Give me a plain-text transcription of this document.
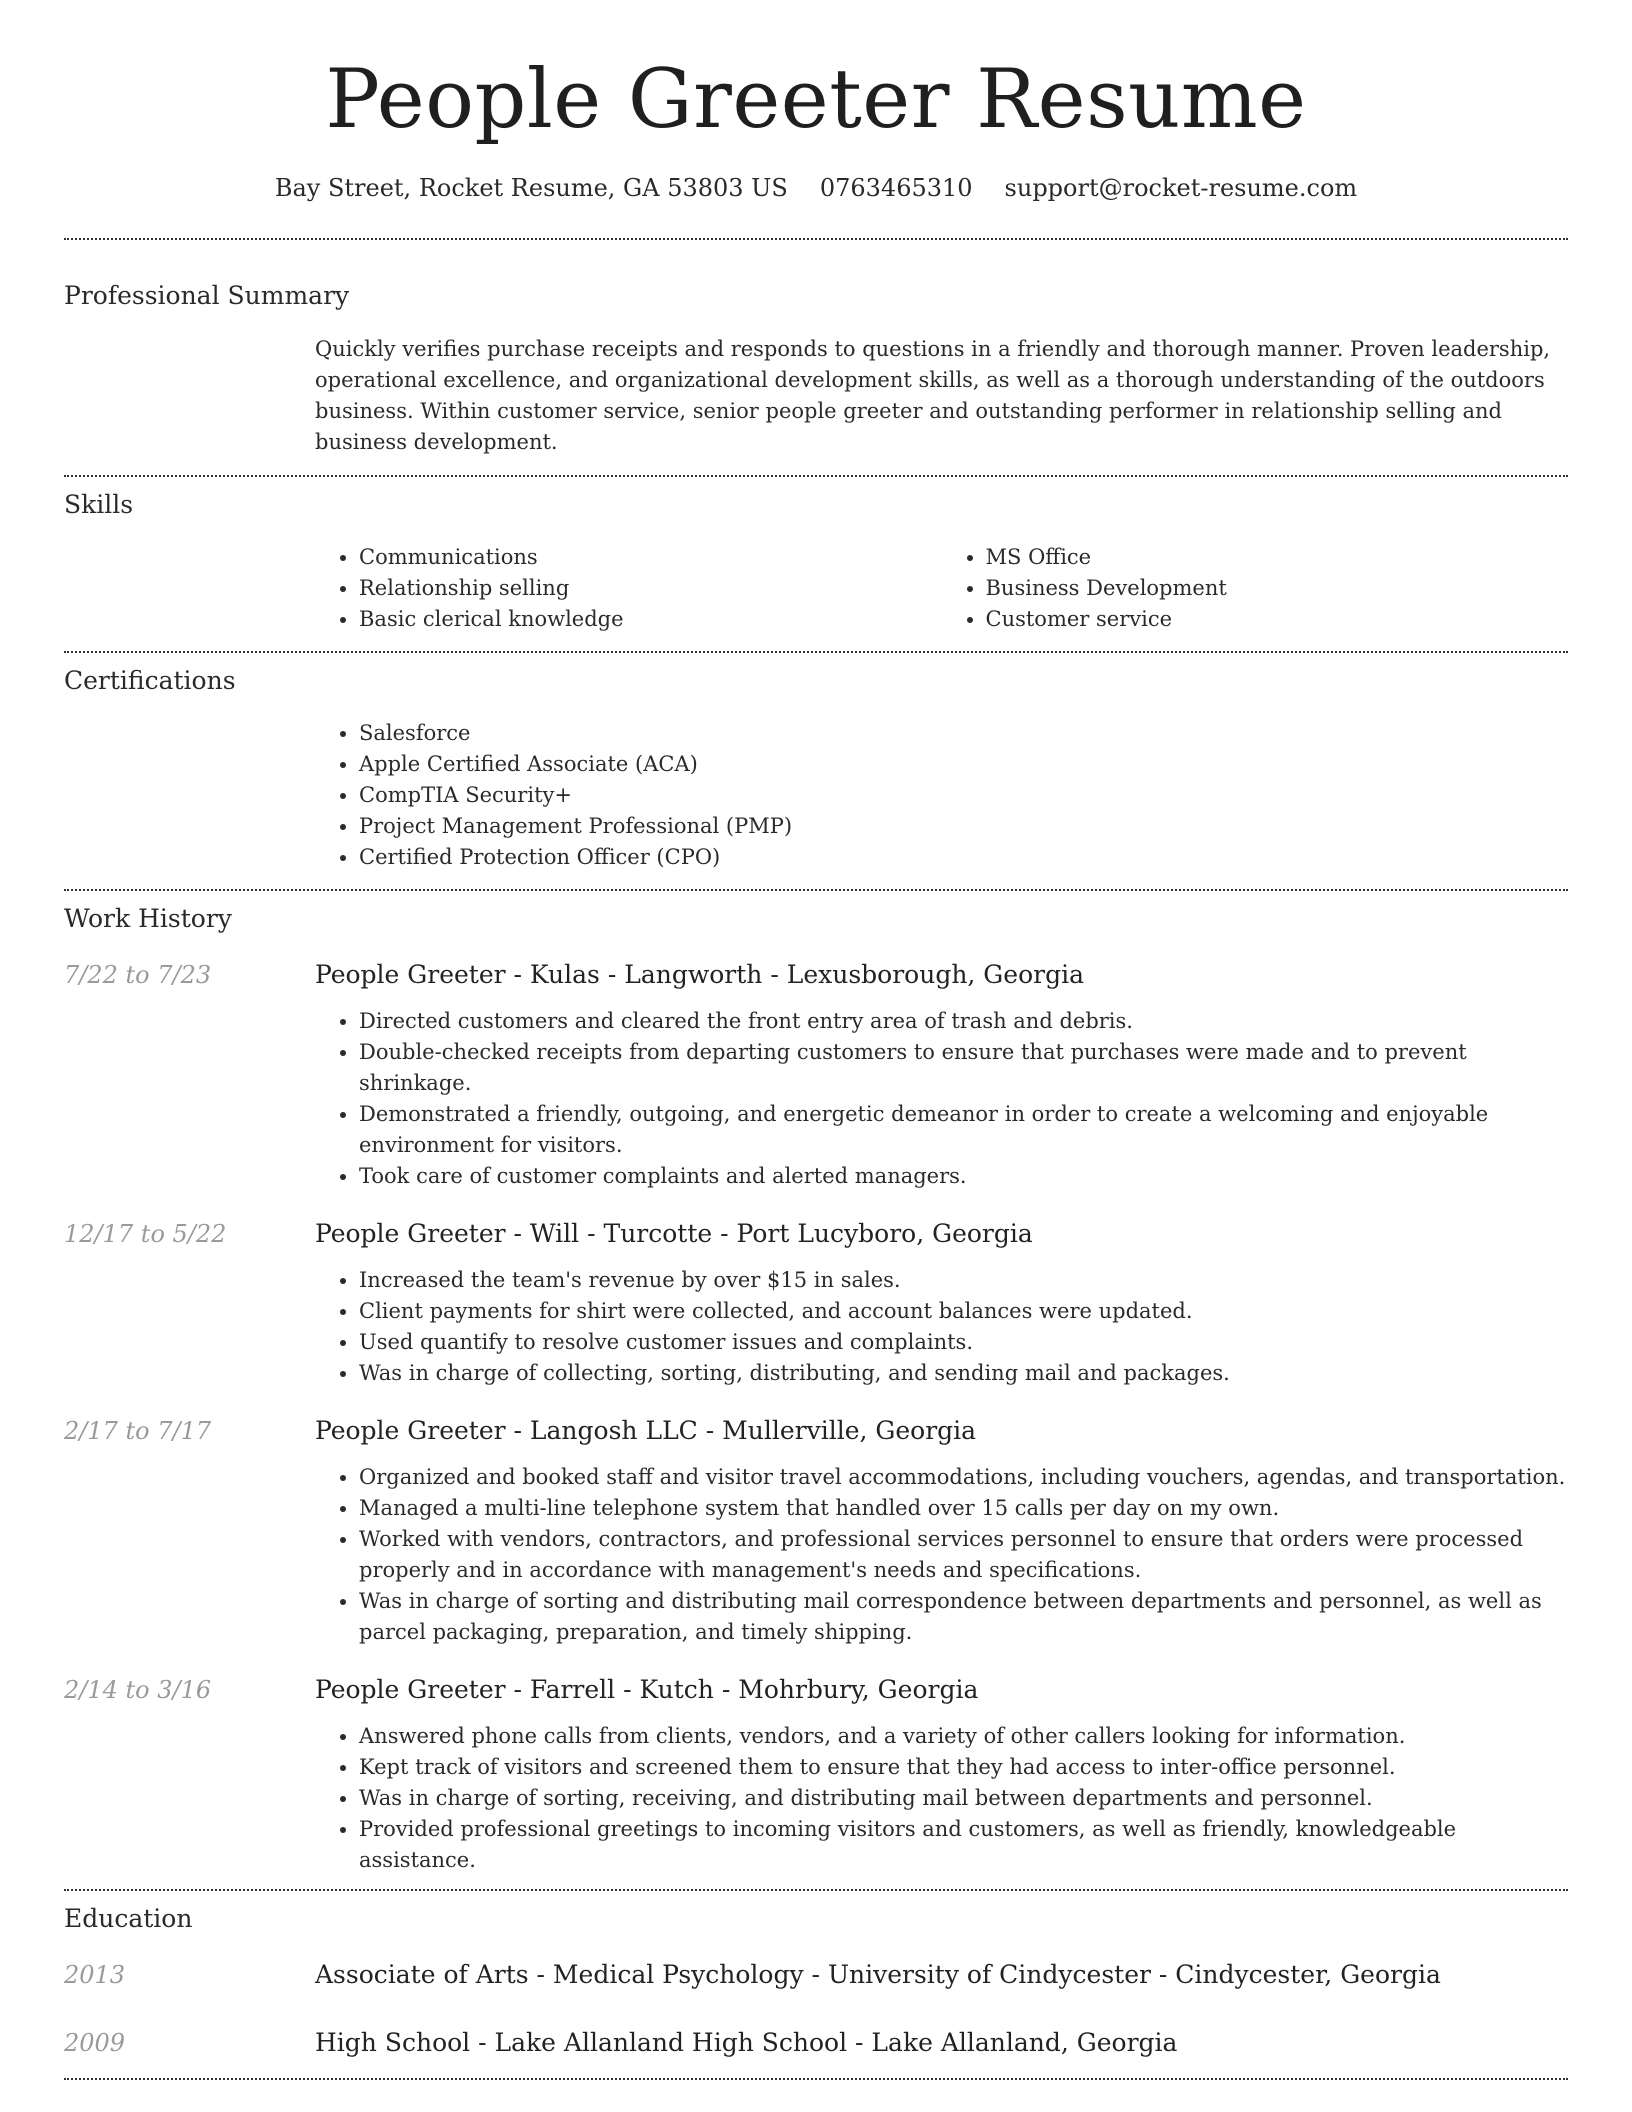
People Greeter Resume
Bay Street, Rocket Resume, GA 53803 US 0763465310 support@rocket-resume.com
Professional Summary
Quickly verifies purchase receipts and responds to questions in a friendly and thorough manner. Proven leadership, operational excellence, and organizational development skills, as well as a thorough understanding of the outdoors business. Within customer service, senior people greeter and outstanding performer in relationship selling and business development.
Skills
• Communications
• Relationship selling
• Basic clerical knowledge
• MS Office
• Business Development
• Customer service
Certifications
• Salesforce
• Apple Certified Associate (ACA)
• CompTIA Security+
• Project Management Professional (PMP)
• Certified Protection Officer (CPO)
Work History
7/22 to 7/23	People Greeter - Kulas - Langworth - Lexusborough, Georgia
• Directed customers and cleared the front entry area of trash and debris.
• Double-checked receipts from departing customers to ensure that purchases were made and to prevent shrinkage.
• Demonstrated a friendly, outgoing, and energetic demeanor in order to create a welcoming and enjoyable environment for visitors.
• Took care of customer complaints and alerted managers.
12/17 to 5/22	People Greeter - Will - Turcotte - Port Lucyboro, Georgia
• Increased the team's revenue by over $15 in sales.
• Client payments for shirt were collected, and account balances were updated.
• Used quantify to resolve customer issues and complaints.
• Was in charge of collecting, sorting, distributing, and sending mail and packages.
2/17 to 7/17	People Greeter - Langosh LLC - Mullerville, Georgia
• Organized and booked staff and visitor travel accommodations, including vouchers, agendas, and transportation.
• Managed a multi-line telephone system that handled over 15 calls per day on my own.
• Worked with vendors, contractors, and professional services personnel to ensure that orders were processed properly and in accordance with management's needs and specifications.
• Was in charge of sorting and distributing mail correspondence between departments and personnel, as well as parcel packaging, preparation, and timely shipping.
2/14 to 3/16	People Greeter - Farrell - Kutch - Mohrbury, Georgia
• Answered phone calls from clients, vendors, and a variety of other callers looking for information.
• Kept track of visitors and screened them to ensure that they had access to inter-office personnel.
• Was in charge of sorting, receiving, and distributing mail between departments and personnel.
• Provided professional greetings to incoming visitors and customers, as well as friendly, knowledgeable assistance.
Education
2013	Associate of Arts - Medical Psychology - University of Cindycester - Cindycester, Georgia
2009	High School - Lake Allanland High School - Lake Allanland, Georgia
